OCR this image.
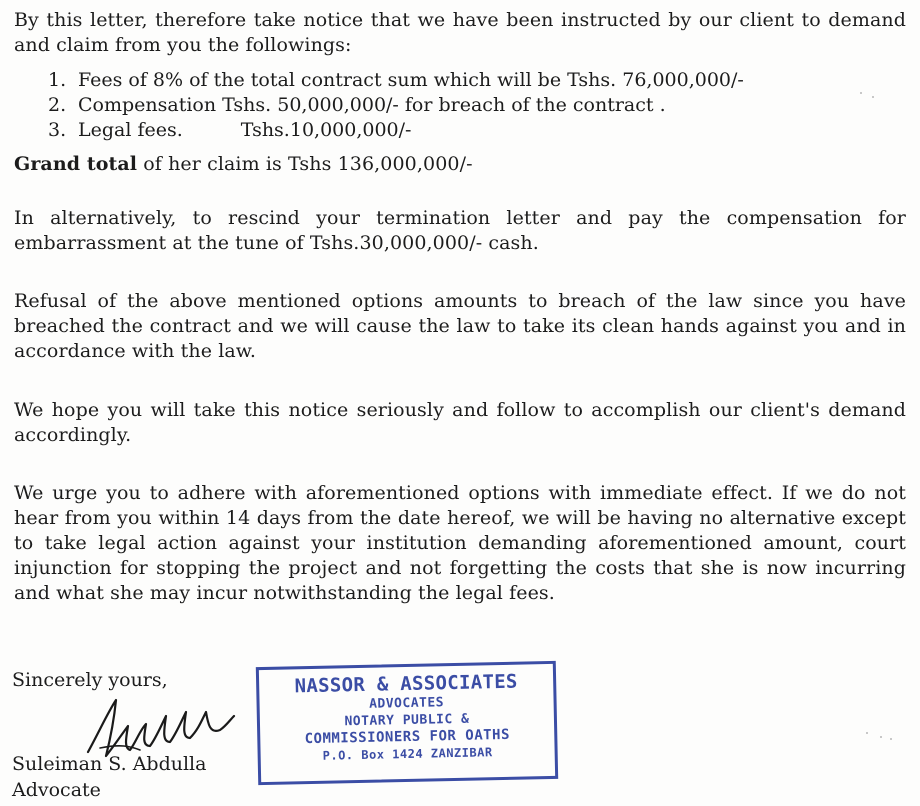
By this letter, therefore take notice that we have been instructed by our client to demand and claim from you the followings:

1. Fees of 8% of the total contract sum which will be Tshs. 76,000,000/-
2. Compensation Tshs. 50,000,000/- for breach of the contract .
3. Legal fees.	Tshs.10,000,000/-

Grand total of her claim is Tshs 136,000,000/-

In alternatively, to rescind your termination letter and pay the compensation for embarrassment at the tune of Tshs.30,000,000/- cash.

Refusal of the above mentioned options amounts to breach of the law since you have breached the contract and we will cause the law to take its clean hands against you and in accordance with the law.

We hope you will take this notice seriously and follow to accomplish our client's demand accordingly.

We urge you to adhere with aforementioned options with immediate effect. If we do not hear from you within 14 days from the date hereof, we will be having no alternative except to take legal action against your institution demanding aforementioned amount, court injunction for stopping the project and not forgetting the costs that she is now incurring and what she may incur notwithstanding the legal fees.

Sincerely yours,
Suleiman S. Abdulla
Advocate
NASSOR & ASSOCIATES
ADVOCATES
NOTARY PUBLIC &
COMMISSIONERS FOR OATHS
P.O. Box 1424 ZANZIBAR
